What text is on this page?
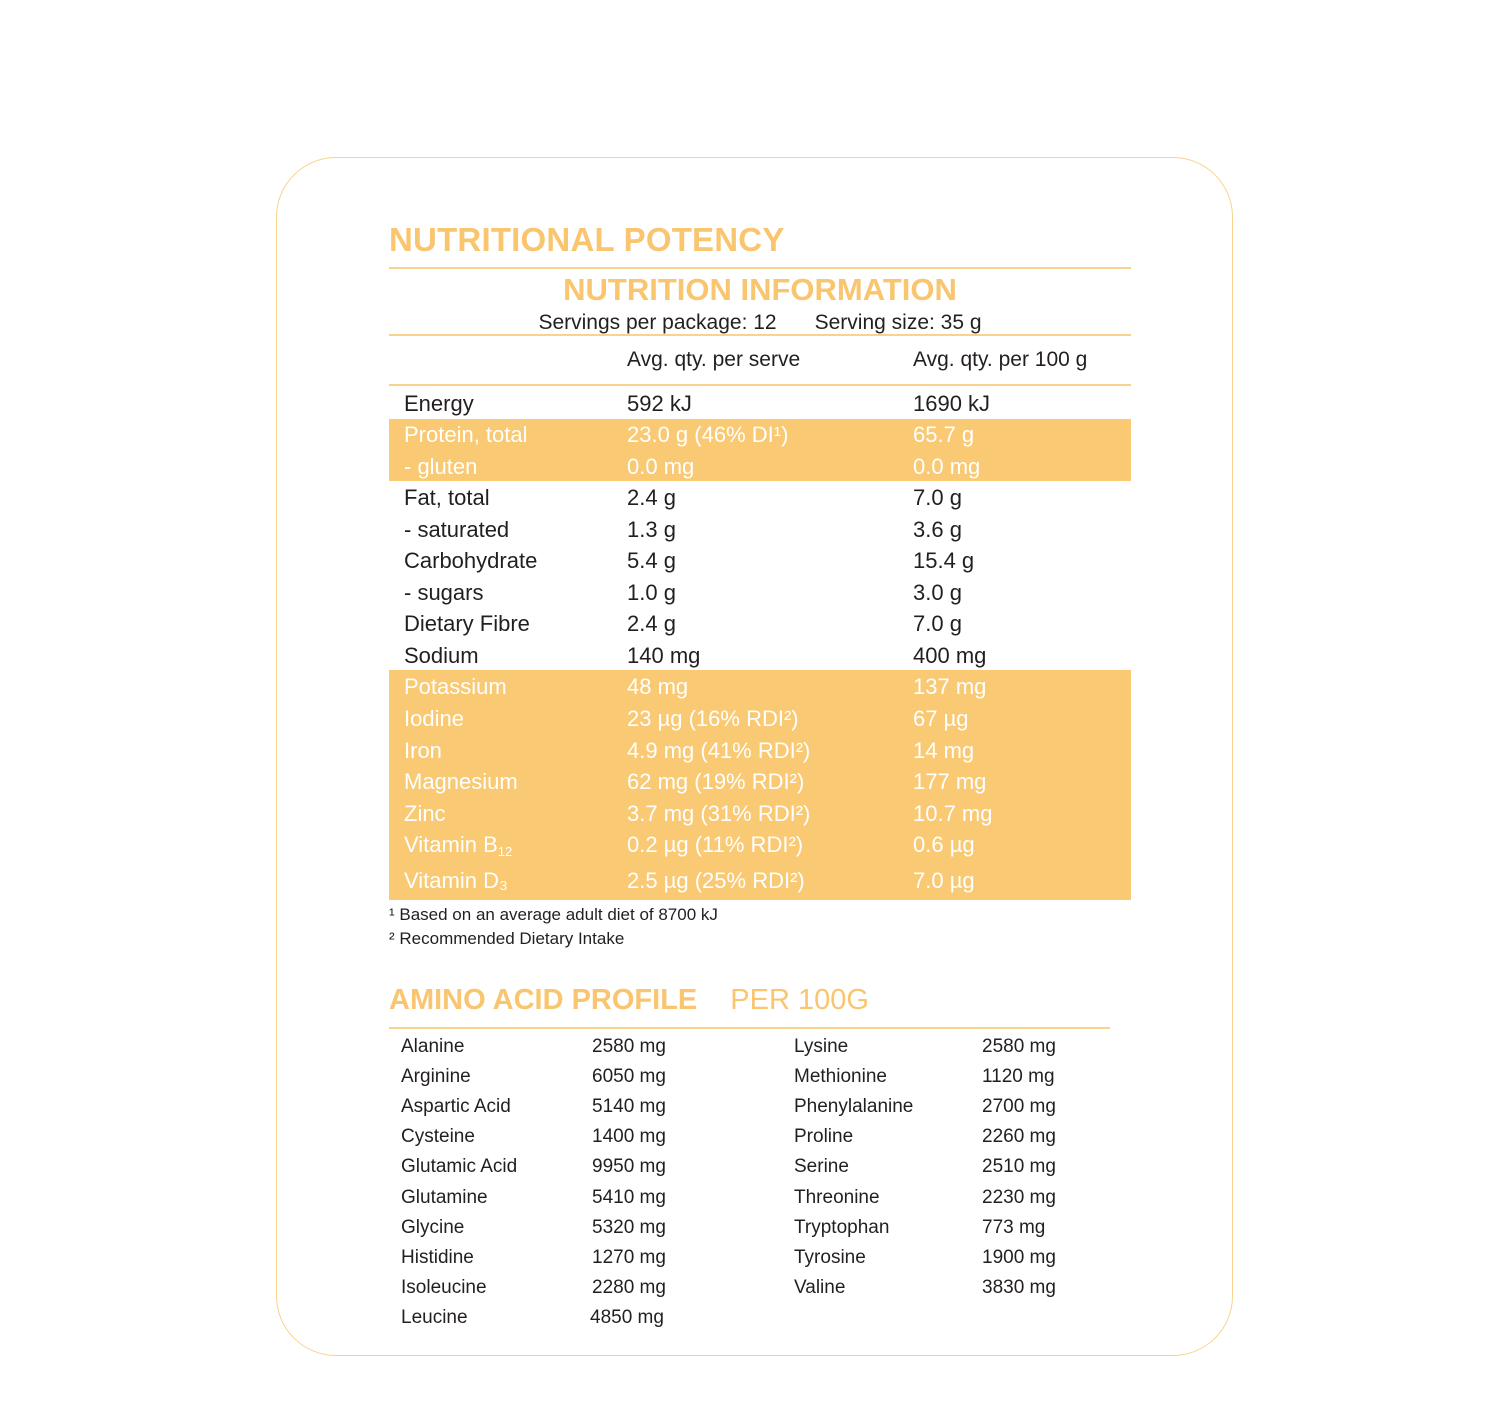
NUTRITIONAL POTENCY
NUTRITION INFORMATION
Servings per package: 12 Serving size: 35 g
Avg. qty. per serve	Avg. qty. per 100 g
Energy	592 kJ	1690 kJ
Protein, total	23.0 g (46% DI¹)	65.7 g
- gluten	0.0 mg	0.0 mg
Fat, total	2.4 g	7.0 g
- saturated	1.3 g	3.6 g
Carbohydrate	5.4 g	15.4 g
- sugars	1.0 g	3.0 g
Dietary Fibre	2.4 g	7.0 g
Sodium	140 mg	400 mg
Potassium	48 mg	137 mg
Iodine	23 µg (16% RDI²)	67 µg
Iron	4.9 mg (41% RDI²)	14 mg
Magnesium	62 mg (19% RDI²)	177 mg
Zinc	3.7 mg (31% RDI²)	10.7 mg
Vitamin $B_{12}$	0.2 µg (11% RDI²)	0.6 µg
Vitamin D₃	2.5 µg (25% RDI²)	7.0 µg
¹ Based on an average adult diet of 8700 kJ
² Recommended Dietary Intake
AMINO ACID PROFILE PER 100G
Alanine	2580 mg
Arginine	6050 mg
Aspartic Acid	5140 mg
Cysteine	1400 mg
Glutamic Acid	9950 mg
Glutamine	5410 mg
Glycine	5320 mg
Histidine	1270 mg
Isoleucine	2280 mg
Leucine	4850 mg
Lysine	2580 mg
Methionine	1120 mg
Phenylalanine	2700 mg
Proline	2260 mg
Serine	2510 mg
Threonine	2230 mg
Tryptophan	773 mg
Tyrosine	1900 mg
Valine	3830 mg
